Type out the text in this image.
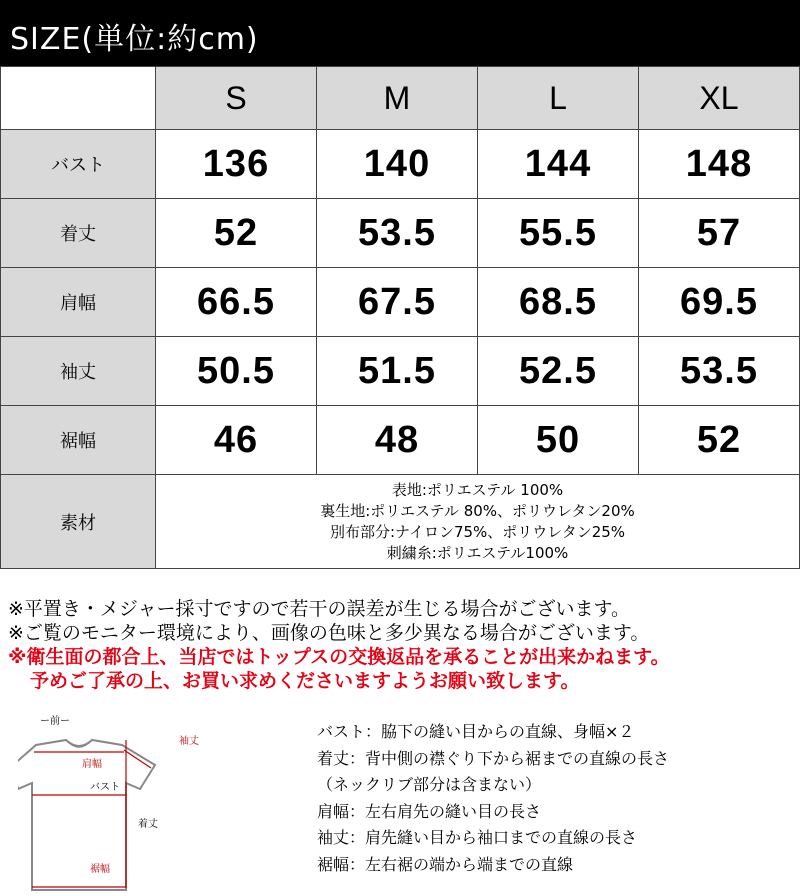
SIZE(単位:約cm)
	S	M	L	XL
バスト	136	140	144	148
着丈	52	53.5	55.5	57
肩幅	66.5	67.5	68.5	69.5
袖丈	50.5	51.5	52.5	53.5
裾幅	46	48	50	52
素材	表地:ポリエステル 100%
裏生地:ポリエステル 80%、ポリウレタン20%
別布部分:ナイロン75%、ポリウレタン25%
刺繍糸:ポリエステル100%			
※平置き・メジャー採寸ですので若干の誤差が生じる場合がございます。
※ご覧のモニター環境により、画像の色味と多少異なる場合がございます。
※衛生面の都合上、当店ではトップスの交換返品を承ることが出来かねます。
予めご了承の上、お買い求めくださいますようお願い致します。
ー前ー
肩幅
袖丈
バスト
着丈
裾幅
バスト：脇下の縫い目からの直線、身幅×２
着丈：背中側の襟ぐり下から裾までの直線の長さ
（ネックリブ部分は含まない）
肩幅：左右肩先の縫い目の長さ
袖丈：肩先縫い目から袖口までの直線の長さ
裾幅：左右裾の端から端までの直線
